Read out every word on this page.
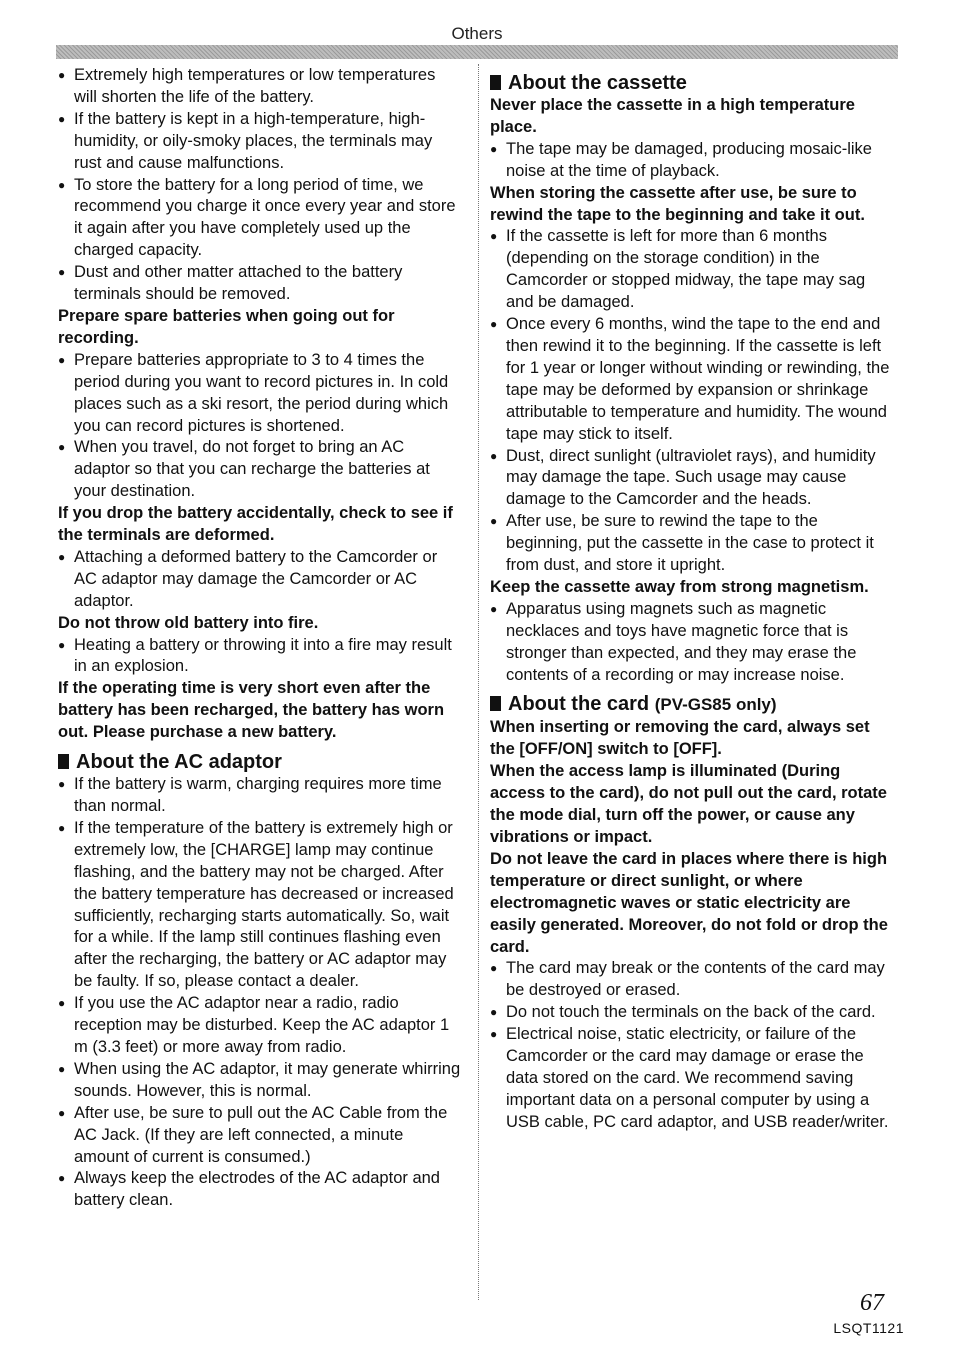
Others
● Extremely high temperatures or low temperatures will shorten the life of the battery.
● If the battery is kept in a high-temperature, high-humidity, or oily-smoky places, the terminals may rust and cause malfunctions.
● To store the battery for a long period of time, we recommend you charge it once every year and store it again after you have completely used up the charged capacity.
● Dust and other matter attached to the battery terminals should be removed.
Prepare spare batteries when going out for recording.
● Prepare batteries appropriate to 3 to 4 times the period during you want to record pictures in. In cold places such as a ski resort, the period during which you can record pictures is shortened.
● When you travel, do not forget to bring an AC adaptor so that you can recharge the batteries at your destination.
If you drop the battery accidentally, check to see if the terminals are deformed.
● Attaching a deformed battery to the Camcorder or AC adaptor may damage the Camcorder or AC adaptor.
Do not throw old battery into fire.
● Heating a battery or throwing it into a fire may result in an explosion.
If the operating time is very short even after the battery has been recharged, the battery has worn out. Please purchase a new battery.
About the AC adaptor
● If the battery is warm, charging requires more time than normal.
● If the temperature of the battery is extremely high or extremely low, the [CHARGE] lamp may continue flashing, and the battery may not be charged. After the battery temperature has decreased or increased sufficiently, recharging starts automatically. So, wait for a while. If the lamp still continues flashing even after the recharging, the battery or AC adaptor may be faulty. If so, please contact a dealer.
● If you use the AC adaptor near a radio, radio reception may be disturbed. Keep the AC adaptor 1 m (3.3 feet) or more away from radio.
● When using the AC adaptor, it may generate whirring sounds. However, this is normal.
● After use, be sure to pull out the AC Cable from the AC Jack. (If they are left connected, a minute amount of current is consumed.)
● Always keep the electrodes of the AC adaptor and battery clean.
About the cassette
Never place the cassette in a high temperature place.
● The tape may be damaged, producing mosaic-like noise at the time of playback.
When storing the cassette after use, be sure to rewind the tape to the beginning and take it out.
● If the cassette is left for more than 6 months (depending on the storage condition) in the Camcorder or stopped midway, the tape may sag and be damaged.
● Once every 6 months, wind the tape to the end and then rewind it to the beginning. If the cassette is left for 1 year or longer without winding or rewinding, the tape may be deformed by expansion or shrinkage attributable to temperature and humidity. The wound tape may stick to itself.
● Dust, direct sunlight (ultraviolet rays), and humidity may damage the tape. Such usage may cause damage to the Camcorder and the heads.
● After use, be sure to rewind the tape to the beginning, put the cassette in the case to protect it from dust, and store it upright.
Keep the cassette away from strong magnetism.
● Apparatus using magnets such as magnetic necklaces and toys have magnetic force that is stronger than expected, and they may erase the contents of a recording or may increase noise.
About the card (PV-GS85 only)
When inserting or removing the card, always set the [OFF/ON] switch to [OFF].
When the access lamp is illuminated (During access to the card), do not pull out the card, rotate the mode dial, turn off the power, or cause any vibrations or impact.
Do not leave the card in places where there is high temperature or direct sunlight, or where electromagnetic waves or static electricity are easily generated. Moreover, do not fold or drop the card.
● The card may break or the contents of the card may be destroyed or erased.
● Do not touch the terminals on the back of the card.
● Electrical noise, static electricity, or failure of the Camcorder or the card may damage or erase the data stored on the card. We recommend saving important data on a personal computer by using a USB cable, PC card adaptor, and USB reader/writer.
67
LSQT1121
